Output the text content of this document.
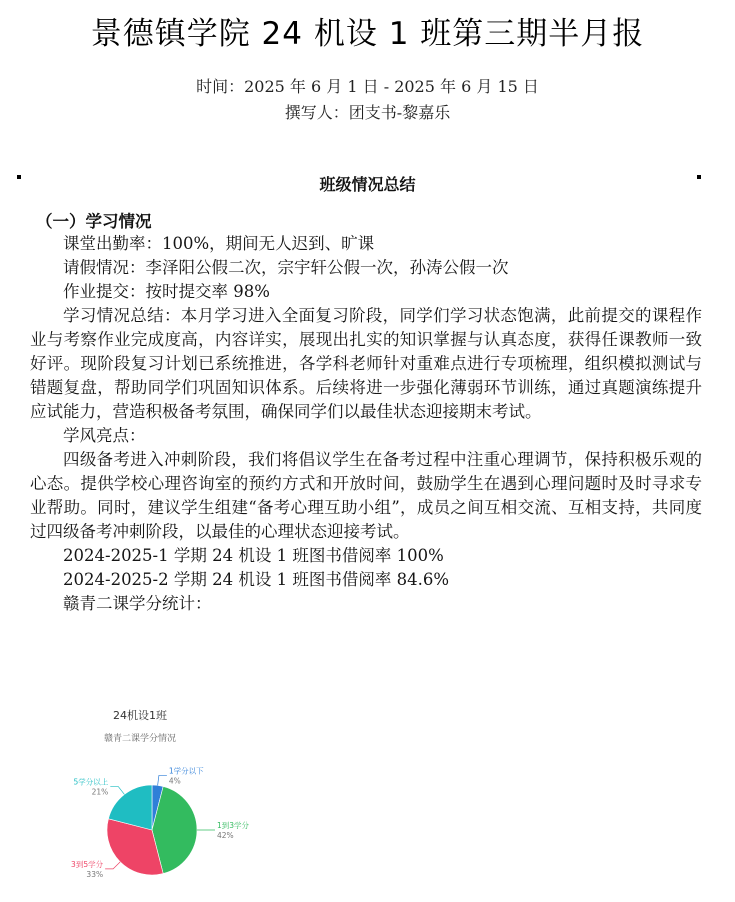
景德镇学院 24 机设 1 班第三期半月报
时间：2025 年 6 月 1 日 - 2025 年 6 月 15 日
撰写人：团支书-黎嘉乐
班级情况总结
（一）学习情况
课堂出勤率：100%，期间无人迟到、旷课
请假情况：李泽阳公假二次，宗宇轩公假一次，孙涛公假一次
作业提交：按时提交率 98%
学习情况总结：本月学习进入全面复习阶段，同学们学习状态饱满，此前提交的课程作业与考察作业完成度高，内容详实，展现出扎实的知识掌握与认真态度，获得任课教师一致好评。现阶段复习计划已系统推进，各学科老师针对重难点进行专项梳理，组织模拟测试与错题复盘，帮助同学们巩固知识体系。后续将进一步强化薄弱环节训练，通过真题演练提升应试能力，营造积极备考氛围，确保同学们以最佳状态迎接期末考试。
学风亮点：
四级备考进入冲刺阶段，我们将倡议学生在备考过程中注重心理调节，保持积极乐观的心态。提供学校心理咨询室的预约方式和开放时间，鼓励学生在遇到心理问题时及时寻求专业帮助。同时，建议学生组建“备考心理互助小组”，成员之间互相交流、互相支持，共同度过四级备考冲刺阶段，以最佳的心理状态迎接考试。
2024-2025-1 学期 24 机设 1 班图书借阅率 100%
2024-2025-2 学期 24 机设 1 班图书借阅率 84.6%
赣青二课学分统计：
24机设1班
赣青二课学分情况
1学分以下
4%
1到3学分
42%
3到5学分
33%
5学分以上
21%
